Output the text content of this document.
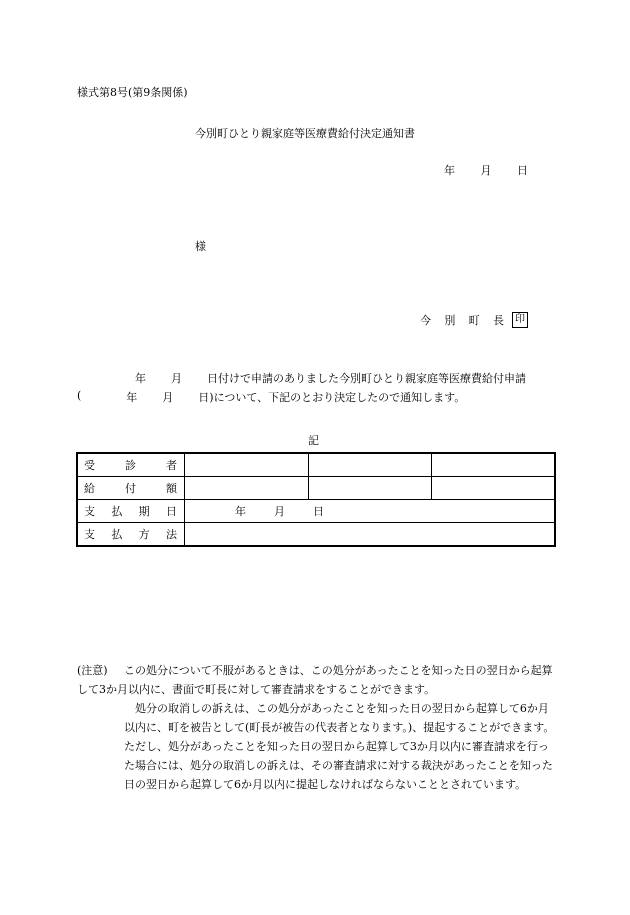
様式第8号(第9条関係)
今別町ひとり親家庭等医療費給付決定通知書
年 月 日
様
今 別 町 長	印
年 月 日付けで申請のありました今別町ひとり親家庭等医療費給付申請
(	年 月 日)について、下記のとおり決定したので通知します。
記
受 診 者			

給 付 額			

支 払 期 日	年 月 日		

支 払 方 法			

(注意)	この処分について不服があるときは、この処分があったことを知った日の翌日から起算して3か月以内に、書面で町長に対して審査請求をすることができます。
処分の取消しの訴えは、この処分があったことを知った日の翌日から起算して6か月以内に、町を被告として(町長が被告の代表者となります。)、提起することができます。ただし、処分があったことを知った日の翌日から起算して3か月以内に審査請求を行った場合には、処分の取消しの訴えは、その審査請求に対する裁決があったことを知った日の翌日から起算して6か月以内に提起しなければならないこととされています。
